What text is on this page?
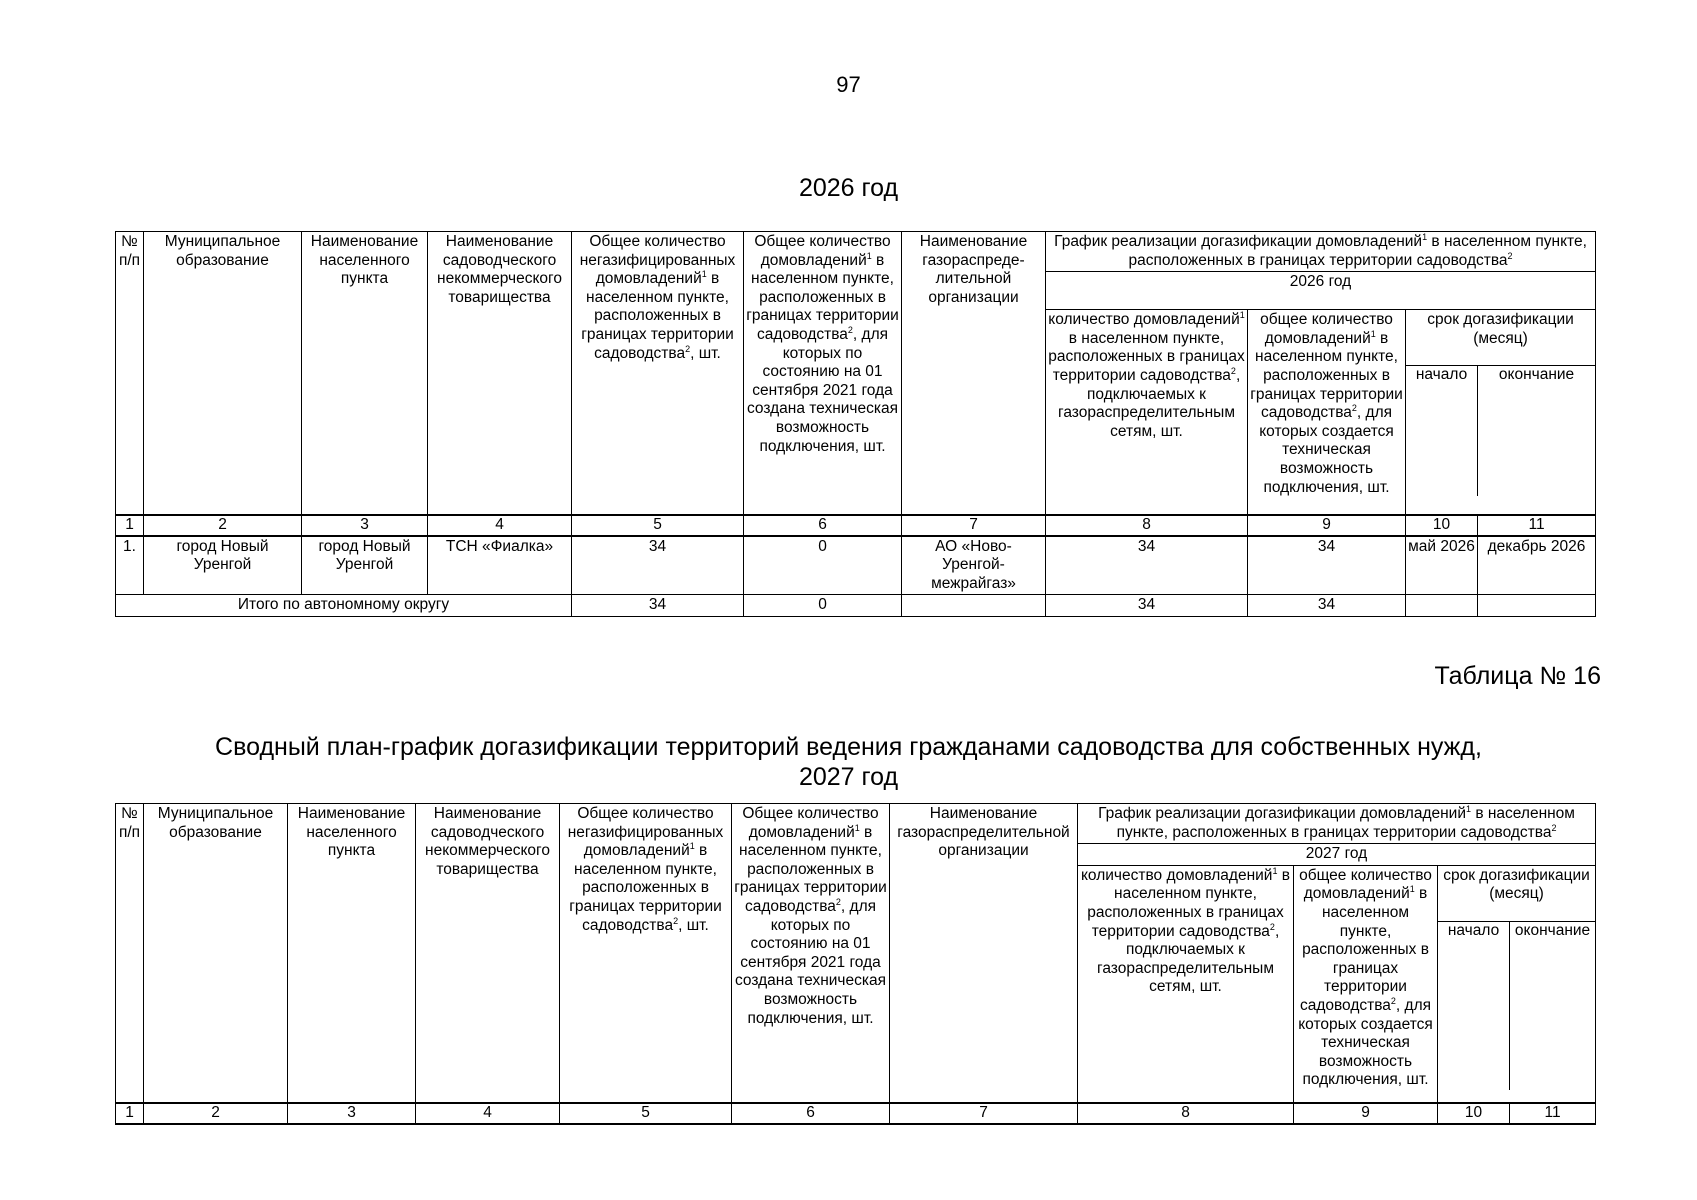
97
2026 год
№ п/п	Муниципальное образование	Наименование населенного пункта	Наименование садоводческого некоммерческого товарищества	Общее количество негазифицированных домовладений$^1$ в населенном пункте, расположенных в границах территории садоводства$^2$, шт.	Общее количество домовладений$^1$ в населенном пункте, расположенных в границах территории садоводства$^2$, для которых по состоянию на 01 сентября 2021 года создана техническая возможность подключения, шт.	Наименование газораспреде-лительной организации	График реализации догазификации домовладений$^1$ в населенном пункте, расположенных в границах территории садоводства$^2$
							2026 год			
							количество домовладений$^1$ в населенном пункте, расположенных в границах территории садоводства$^2$, подключаемых к газораспределительным сетям, шт.	общее количество домовладений$^1$ в населенном пункте, расположенных в границах территории садоводства$^2$, для которых создается техническая возможность подключения, шт.	срок догазификации (месяц)
начало окончание	

1	2	3	4	5	6	7	8	9	10	11
1.	город Новый Уренгой	город Новый Уренгой	ТСН «Фиалка»	34	0	АО «Ново-Уренгой-межрайгаз»	34	34	май 2026	декабрь 2026
Итого по автономному округу				34	0		34	34		
Таблица № 16
Сводный план-график догазификации территорий ведения гражданами садоводства для собственных нужд,
2027 год
№ п/п	Муниципальное образование	Наименование населенного пункта	Наименование садоводческого некоммерческого товарищества	Общее количество негазифицированных домовладений$^1$ в населенном пункте, расположенных в границах территории садоводства$^2$, шт.	Общее количество домовладений$^1$ в населенном пункте, расположенных в границах территории садоводства$^2$, для которых по состоянию на 01 сентября 2021 года создана техническая возможность подключения, шт.	Наименование газораспределительной организации	График реализации догазификации домовладений$^1$ в населенном пункте, расположенных в границах территории садоводства$^2$
							2027 год			
							количество домовладений$^1$ в населенном пункте, расположенных в границах территории садоводства$^2$, подключаемых к газораспределительным сетям, шт.	общее количество домовладений$^1$ в населенном пункте, расположенных в границах территории садоводства$^2$, для которых создается техническая возможность подключения, шт.	срок догазификации (месяц)
начало окончание	

1	2	3	4	5	6	7	8	9	10	11
